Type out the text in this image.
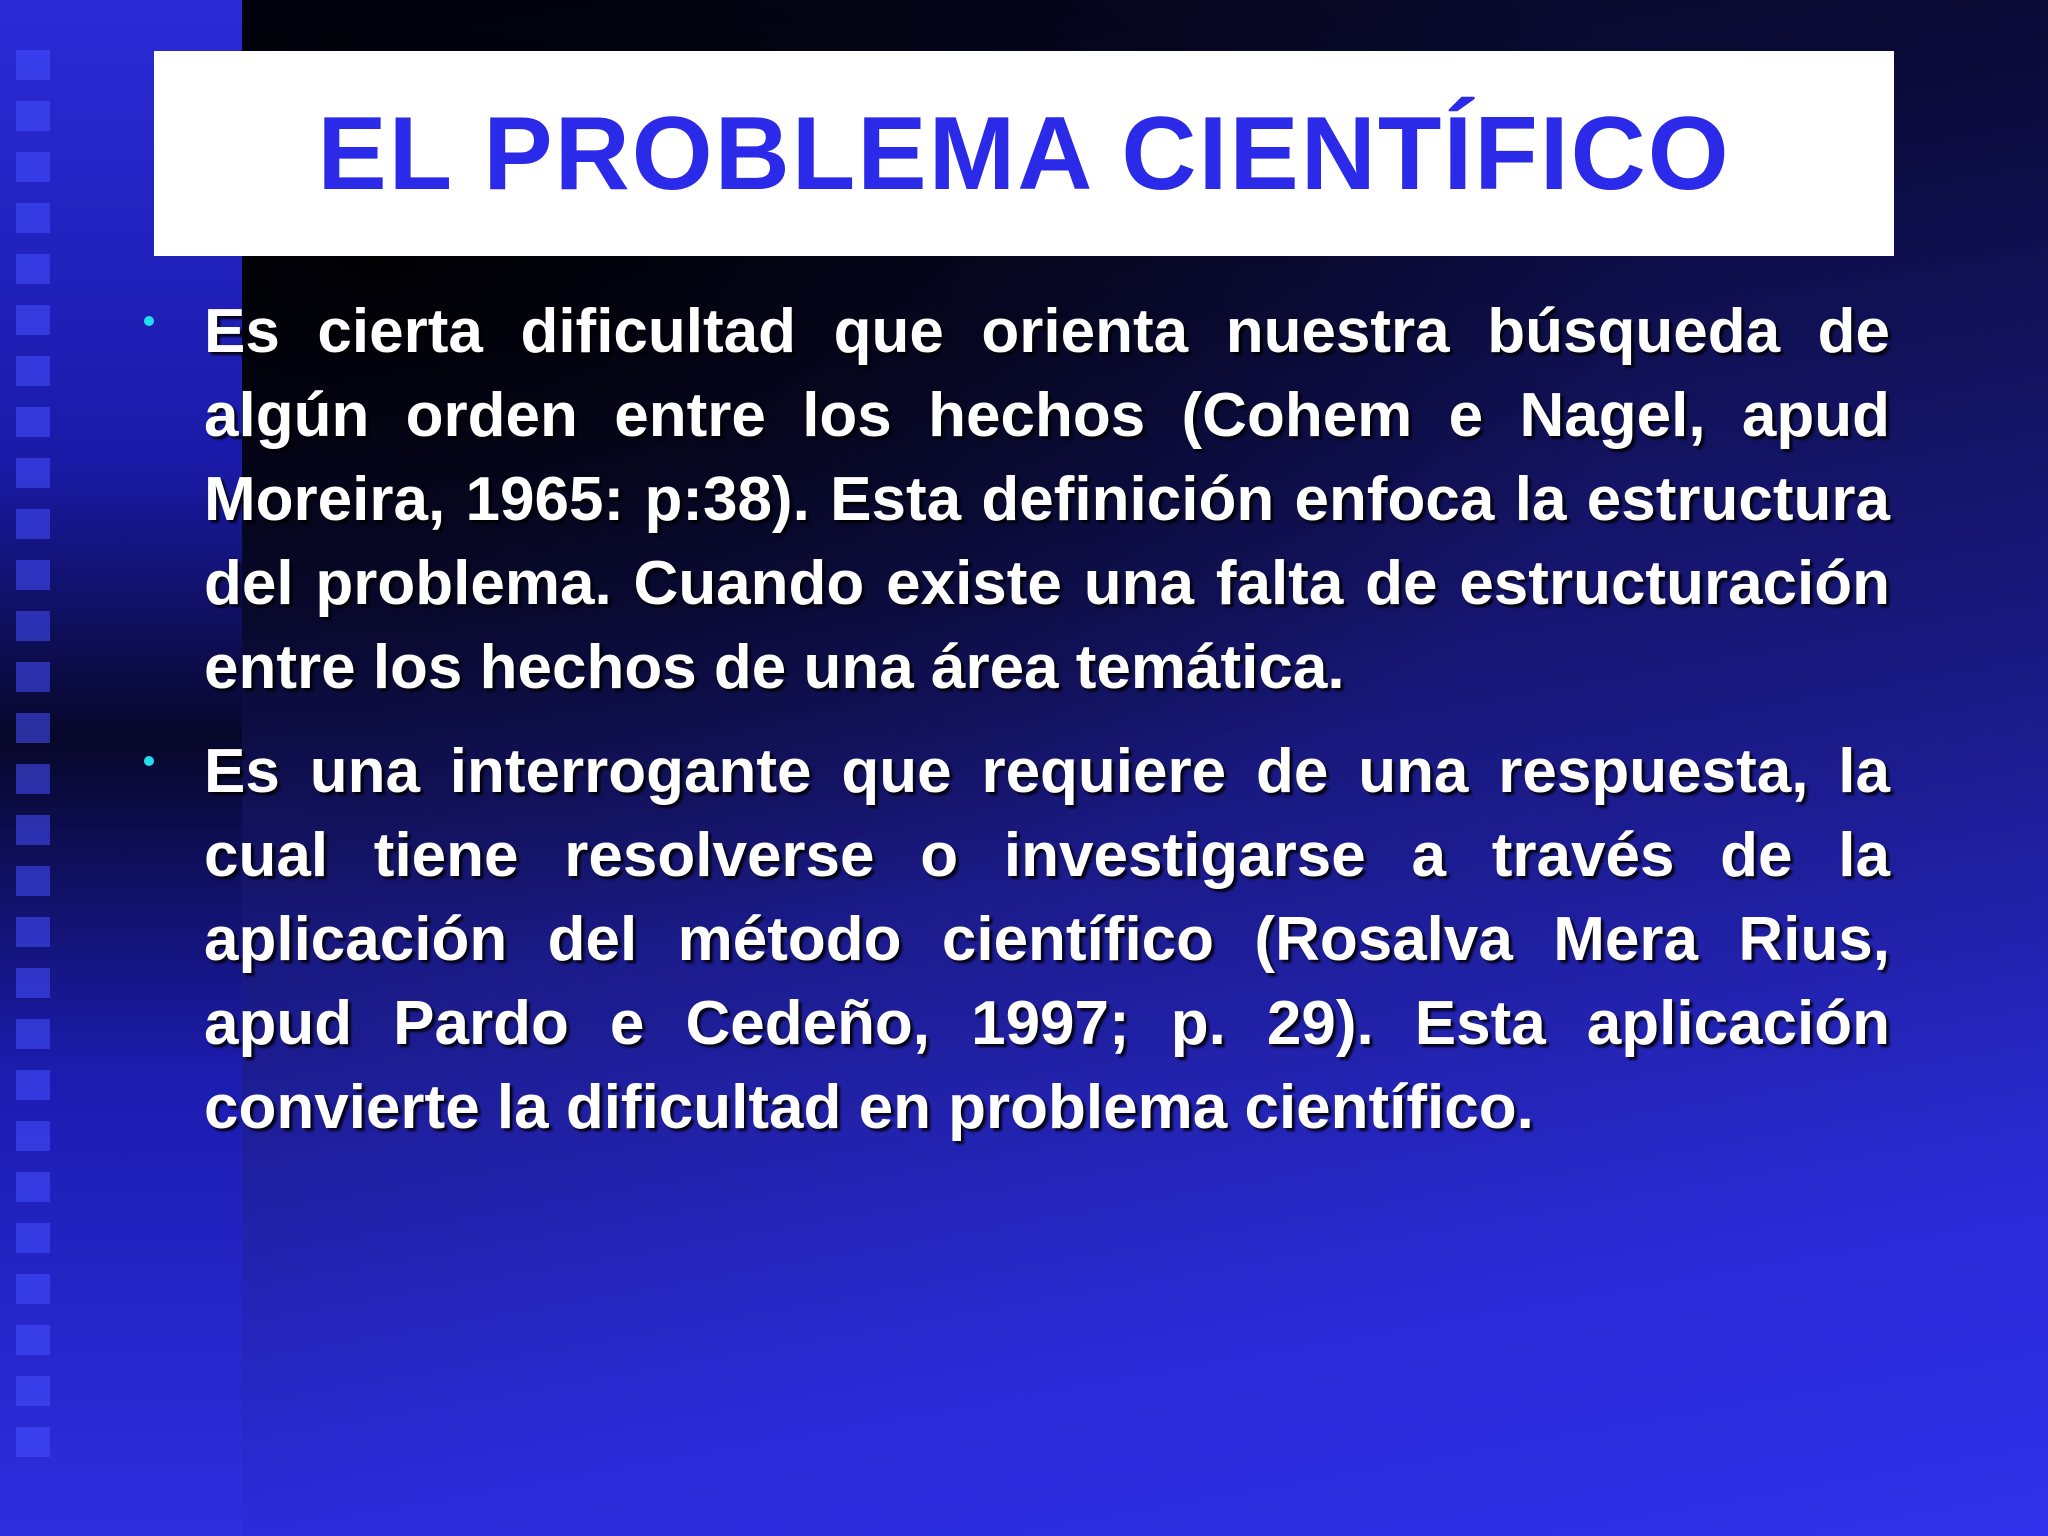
EL PROBLEMA CIENTÍFICO
Es cierta dificultad que orienta nuestra búsqueda de algún orden entre los hechos (Cohem e Nagel, apud Moreira, 1965: p:38). Esta definición enfoca la estructura del problema. Cuando existe una falta de estructuración entre los hechos de una área temática.
Es una interrogante que requiere de una respuesta, la cual tiene resolverse o investigarse a través de la aplicación del método científico (Rosalva Mera Rius, apud Pardo e Cedeño, 1997; p. 29). Esta aplicación convierte la dificultad en problema científico.
